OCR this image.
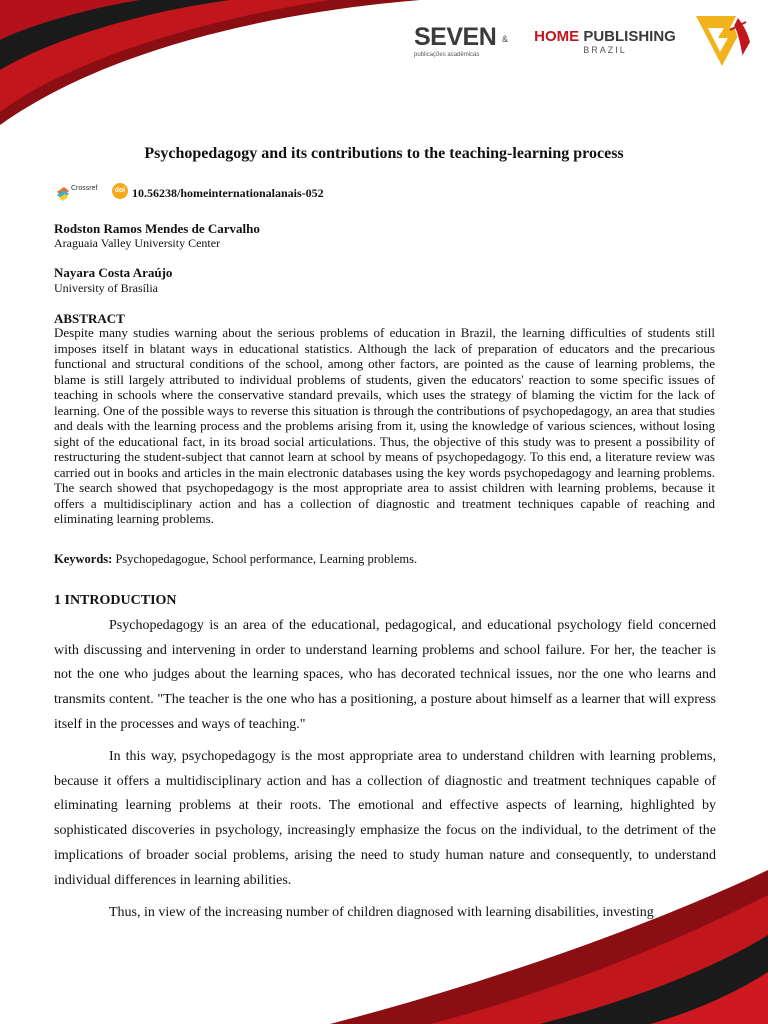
SEVEN
publicações acadêmicas
& HOME PUBLISHING
BRAZIL
Psychopedagogy and its contributions to the teaching-learning process
Crossref	doi 10.56238/homeinternationalanais-052
Rodston Ramos Mendes de Carvalho
Araguaia Valley University Center
Nayara Costa Araújo
University of Brasília
ABSTRACT

Despite many studies warning about the serious problems of education in Brazil, the learning difficulties of students still imposes itself in blatant ways in educational statistics. Although the lack of preparation of educators and the precarious functional and structural conditions of the school, among other factors, are pointed as the cause of learning problems, the blame is still largely attributed to individual problems of students, given the educators' reaction to some specific issues of teaching in schools where the conservative standard prevails, which uses the strategy of blaming the victim for the lack of learning. One of the possible ways to reverse this situation is through the contributions of psychopedagogy, an area that studies and deals with the learning process and the problems arising from it, using the knowledge of various sciences, without losing sight of the educational fact, in its broad social articulations. Thus, the objective of this study was to present a possibility of restructuring the student-subject that cannot learn at school by means of psychopedagogy. To this end, a literature review was carried out in books and articles in the main electronic databases using the key words psychopedagogy and learning problems. The search showed that psychopedagogy is the most appropriate area to assist children with learning problems, because it offers a multidisciplinary action and has a collection of diagnostic and treatment techniques capable of reaching and eliminating learning problems.

Keywords: Psychopedagogue, School performance, Learning problems.
1 INTRODUCTION

Psychopedagogy is an area of the educational, pedagogical, and educational psychology field concerned with discussing and intervening in order to understand learning problems and school failure. For her, the teacher is not the one who judges about the learning spaces, who has decorated technical issues, nor the one who learns and transmits content. "The teacher is the one who has a positioning, a posture about himself as a learner that will express itself in the processes and ways of teaching."

In this way, psychopedagogy is the most appropriate area to understand children with learning problems, because it offers a multidisciplinary action and has a collection of diagnostic and treatment techniques capable of eliminating learning problems at their roots. The emotional and effective aspects of learning, highlighted by sophisticated discoveries in psychology, increasingly emphasize the focus on the individual, to the detriment of the implications of broader social problems, arising the need to study human nature and consequently, to understand individual differences in learning abilities.

Thus, in view of the increasing number of children diagnosed with learning disabilities, investing
